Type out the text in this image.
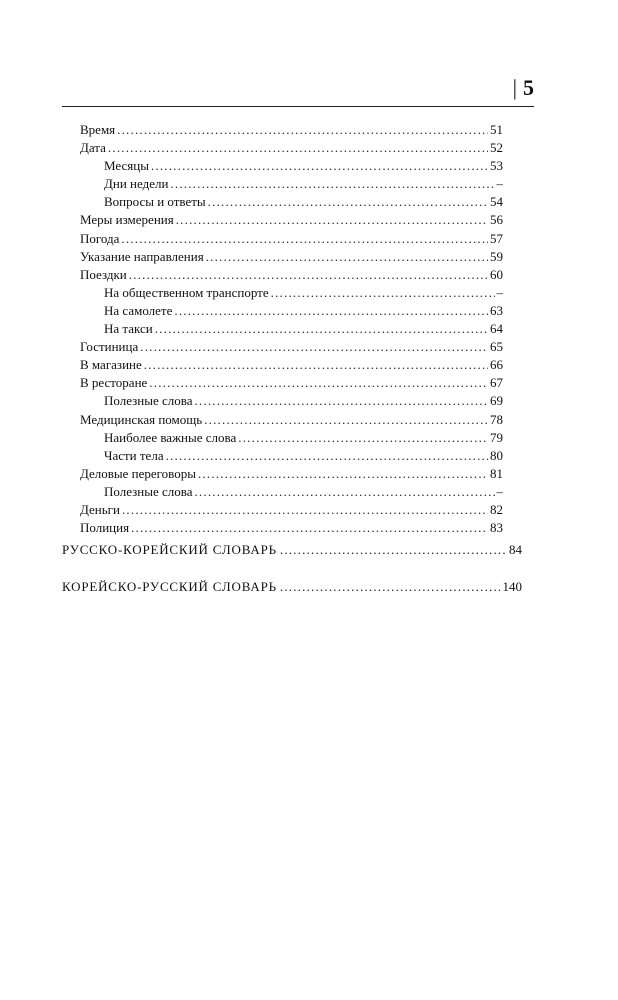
| 5
Время .....	51
Дата .....	52
Месяцы .....	53
Дни недели .....	–
Вопросы и ответы .....	54
Меры измерения .....	56
Погода .....	57
Указание направления .....	59
Поездки .....	60
На общественном транспорте .....	–
На самолете .....	63
На такси .....	64
Гостиница .....	65
В магазине .....	66
В ресторане .....	67
Полезные слова .....	69
Медицинская помощь .....	78
Наиболее важные слова .....	79
Части тела .....	80
Деловые переговоры .....	81
Полезные слова .....	–
Деньги .....	82
Полиция .....	83
РУССКО-КОРЕЙСКИЙ СЛОВАРЬ .....	84
КОРЕЙСКО-РУССКИЙ СЛОВАРЬ .....	140
